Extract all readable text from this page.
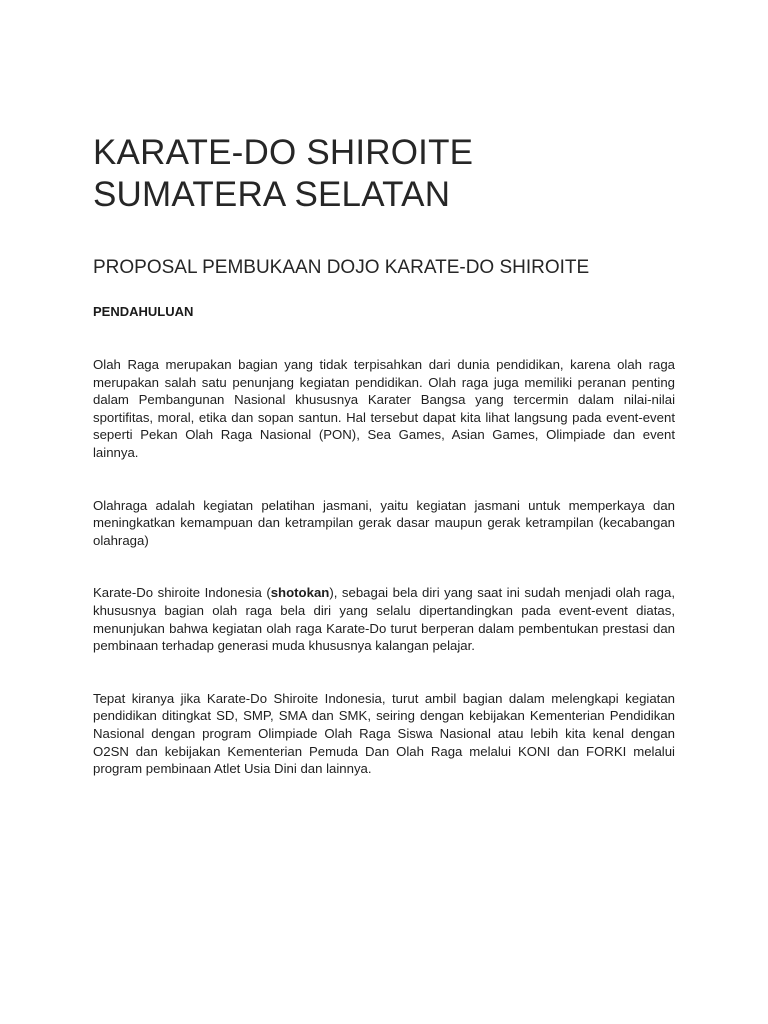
KARATE-DO SHIROITE
SUMATERA SELATAN
PROPOSAL PEMBUKAAN DOJO KARATE-DO SHIROITE
PENDAHULUAN

Olah Raga merupakan bagian yang tidak terpisahkan dari dunia pendidikan, karena olah raga merupakan salah satu penunjang kegiatan pendidikan. Olah raga juga memiliki peranan penting dalam Pembangunan Nasional khususnya Karater Bangsa yang tercermin dalam nilai-nilai sportifitas, moral, etika dan sopan santun. Hal tersebut dapat kita lihat langsung pada event-event seperti Pekan Olah Raga Nasional (PON), Sea Games, Asian Games, Olimpiade dan event lainnya.

Olahraga adalah kegiatan pelatihan jasmani, yaitu kegiatan jasmani untuk memperkaya dan meningkatkan kemampuan dan ketrampilan gerak dasar maupun gerak ketrampilan (kecabangan olahraga)

Karate-Do shiroite Indonesia (shotokan), sebagai bela diri yang saat ini sudah menjadi olah raga, khususnya bagian olah raga bela diri yang selalu dipertandingkan pada event-event diatas, menunjukan bahwa kegiatan olah raga Karate-Do turut berperan dalam pembentukan prestasi dan pembinaan terhadap generasi muda khususnya kalangan pelajar.

Tepat kiranya jika Karate-Do Shiroite Indonesia, turut ambil bagian dalam melengkapi kegiatan pendidikan ditingkat SD, SMP, SMA dan SMK, seiring dengan kebijakan Kementerian Pendidikan Nasional dengan program Olimpiade Olah Raga Siswa Nasional atau lebih kita kenal dengan O2SN dan kebijakan Kementerian Pemuda Dan Olah Raga melalui KONI dan FORKI melalui program pembinaan Atlet Usia Dini dan lainnya.
